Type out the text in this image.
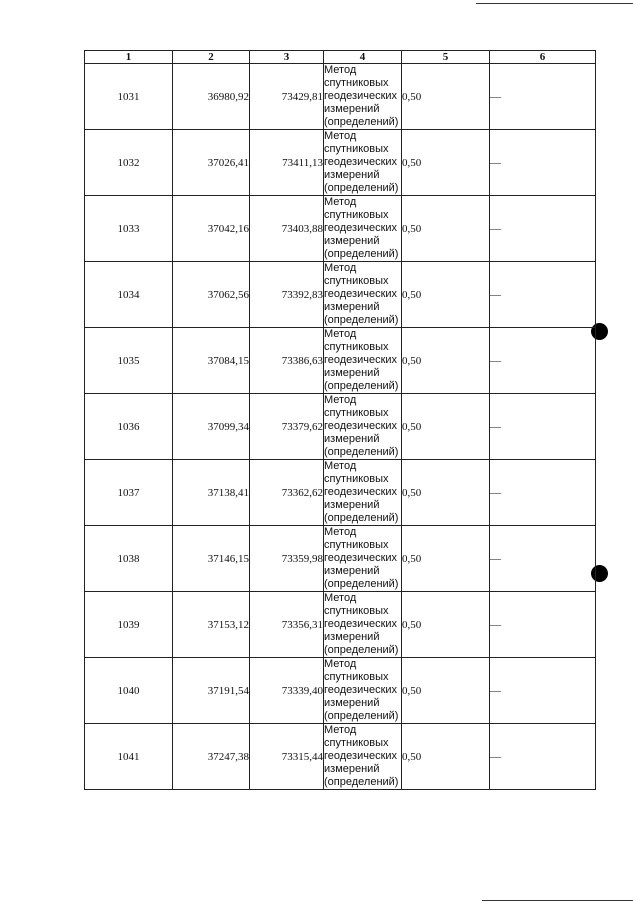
1	2	3	4	5	6
1031	36980,92	73429,81	Метод
спутниковых
геодезических
измерений
(определений)	0,50	—
1032	37026,41	73411,13	Метод
спутниковых
геодезических
измерений
(определений)	0,50	—
1033	37042,16	73403,88	Метод
спутниковых
геодезических
измерений
(определений)	0,50	—
1034	37062,56	73392,83	Метод
спутниковых
геодезических
измерений
(определений)	0,50	—
1035	37084,15	73386,63	Метод
спутниковых
геодезических
измерений
(определений)	0,50	—
1036	37099,34	73379,62	Метод
спутниковых
геодезических
измерений
(определений)	0,50	—
1037	37138,41	73362,62	Метод
спутниковых
геодезических
измерений
(определений)	0,50	—
1038	37146,15	73359,98	Метод
спутниковых
геодезических
измерений
(определений)	0,50	—
1039	37153,12	73356,31	Метод
спутниковых
геодезических
измерений
(определений)	0,50	—
1040	37191,54	73339,40	Метод
спутниковых
геодезических
измерений
(определений)	0,50	—
1041	37247,38	73315,44	Метод
спутниковых
геодезических
измерений
(определений)	0,50	—
